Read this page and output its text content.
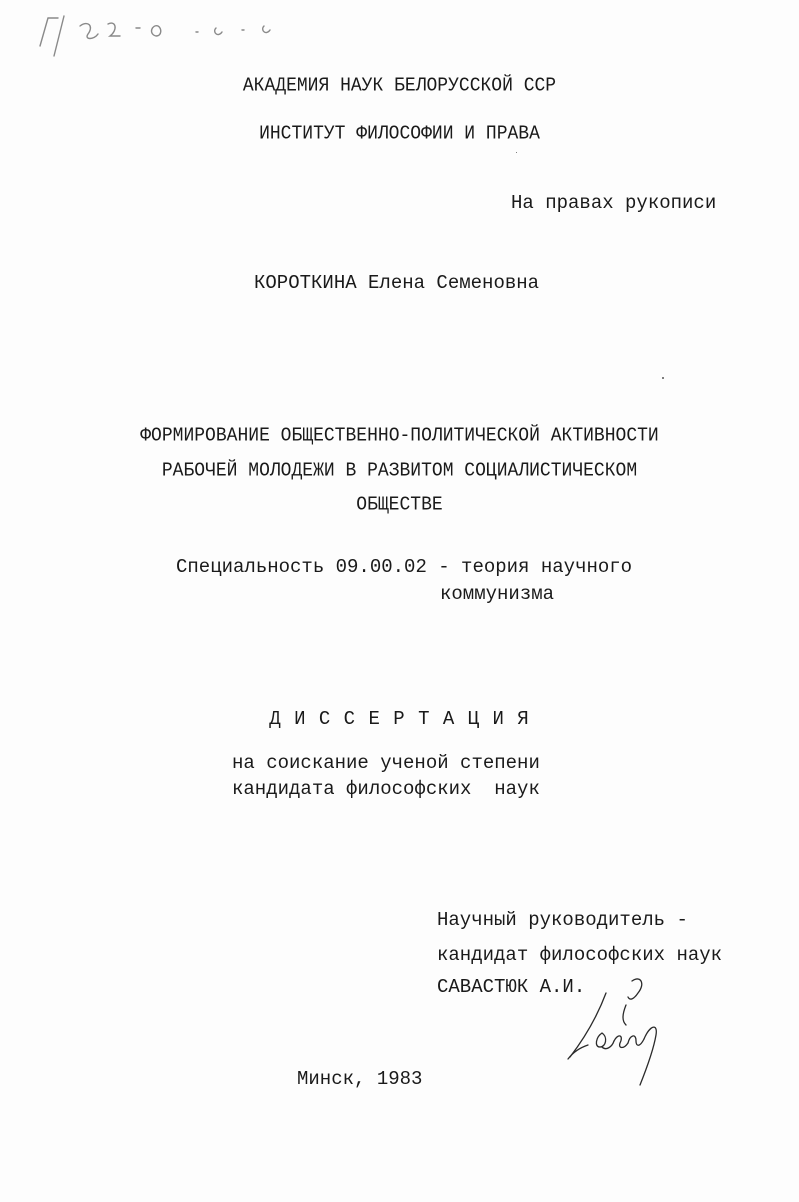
АКАДЕМИЯ НАУК БЕЛОРУССКОЙ ССР
ИНСТИТУТ ФИЛОСОФИИ И ПРАВА
На правах рукописи
КОРОТКИНА Елена Семеновна
ФОРМИРОВАНИЕ ОБЩЕСТВЕННО-ПОЛИТИЧЕСКОЙ АКТИВНОСТИ
РАБОЧЕЙ МОЛОДЕЖИ В РАЗВИТОМ СОЦИАЛИСТИЧЕСКОМ
ОБЩЕСТВЕ
Специальность 09.00.02 - теория научного
коммунизма
Д И С С Е Р Т А Ц И Я
на соискание ученой степени
кандидата философских  наук
Научный руководитель -
кандидат философских наук
САВАСТЮК А.И.
Минск, 1983
